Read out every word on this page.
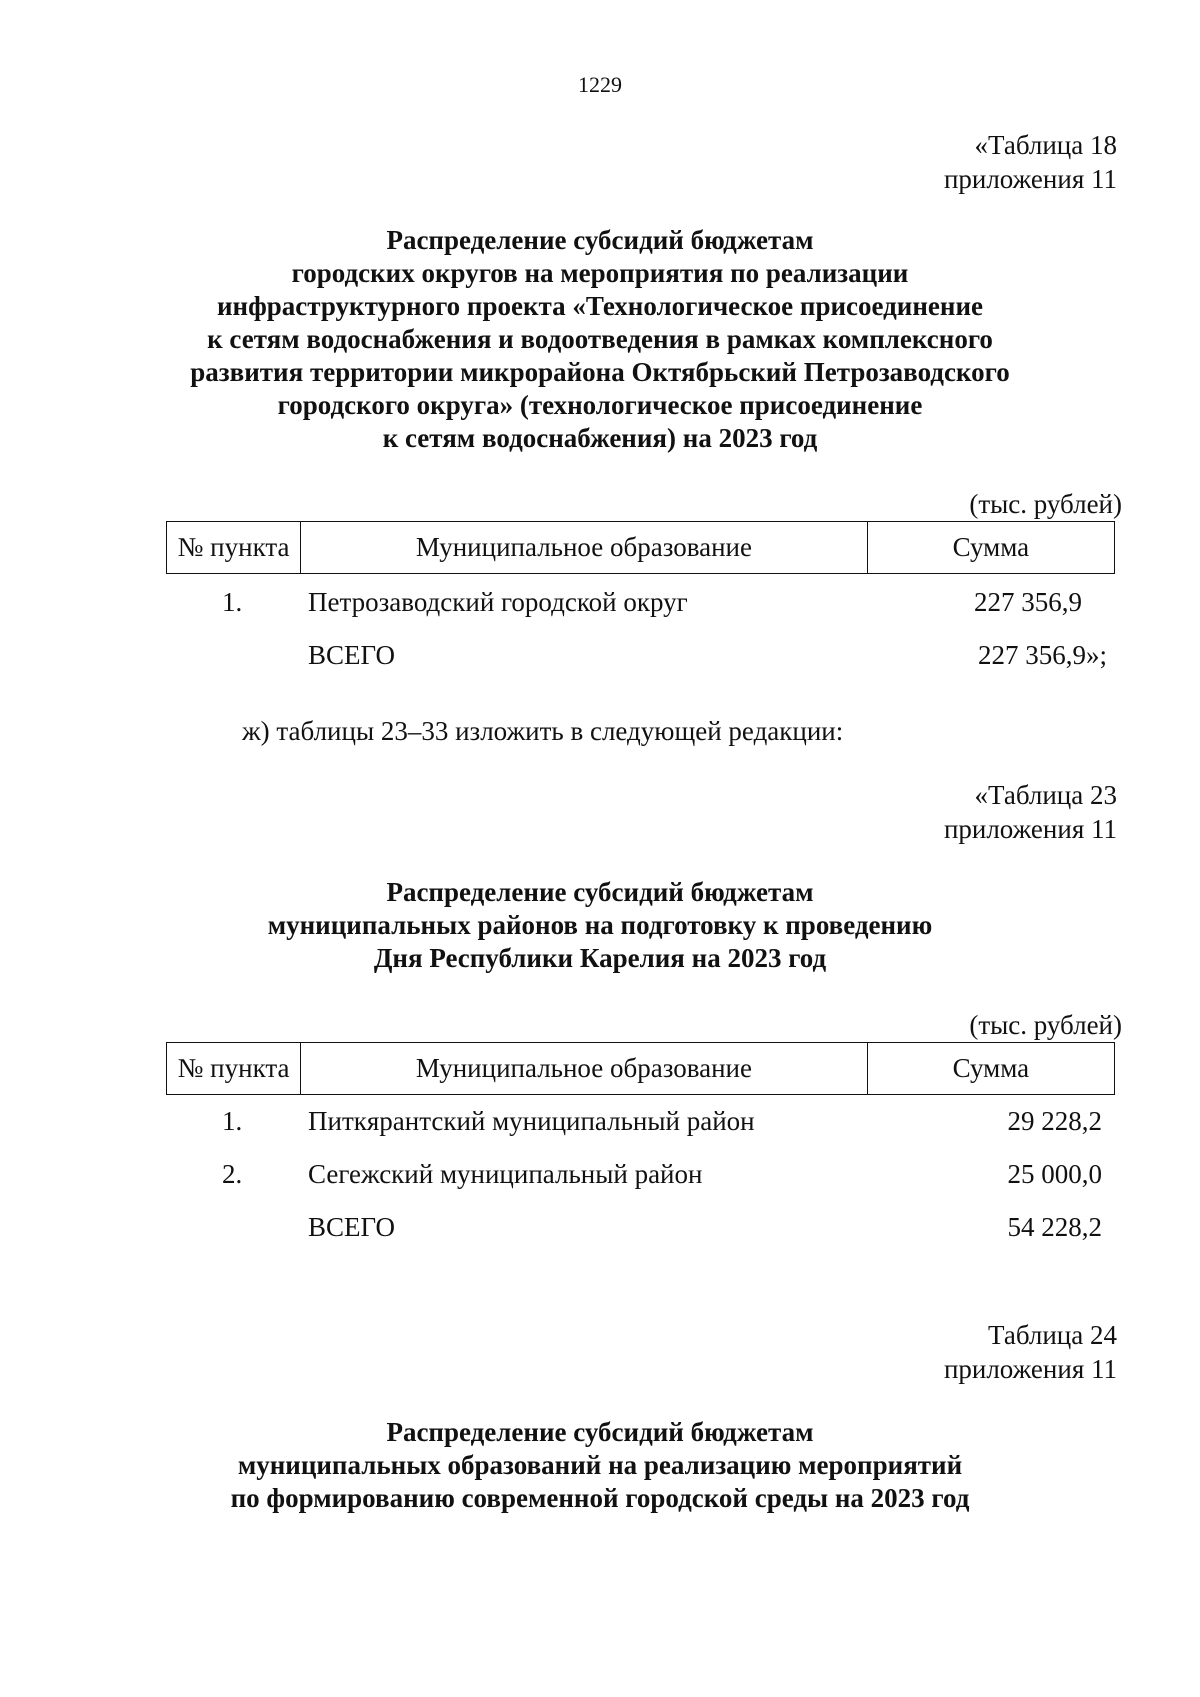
1229
«Таблица 18
приложения 11
Распределение субсидий бюджетам
городских округов на мероприятия по реализации
инфраструктурного проекта «Технологическое присоединение
к сетям водоснабжения и водоотведения в рамках комплексного
развития территории микрорайона Октябрьский Петрозаводского
городского округа» (технологическое присоединение
к сетям водоснабжения) на 2023 год
(тыс. рублей)
№ пункта	Муниципальное образование	Сумма
1. Петрозаводский городской округ	227 356,9
ВСЕГО	227 356,9»;
ж) таблицы 23–33 изложить в следующей редакции:
«Таблица 23
приложения 11
Распределение субсидий бюджетам
муниципальных районов на подготовку к проведению
Дня Республики Карелия на 2023 год
(тыс. рублей)
№ пункта	Муниципальное образование	Сумма
1. Питкярантский муниципальный район	29 228,2
2. Сегежский муниципальный район	25 000,0
ВСЕГО	54 228,2
Таблица 24
приложения 11
Распределение субсидий бюджетам
муниципальных образований на реализацию мероприятий
по формированию современной городской среды на 2023 год
